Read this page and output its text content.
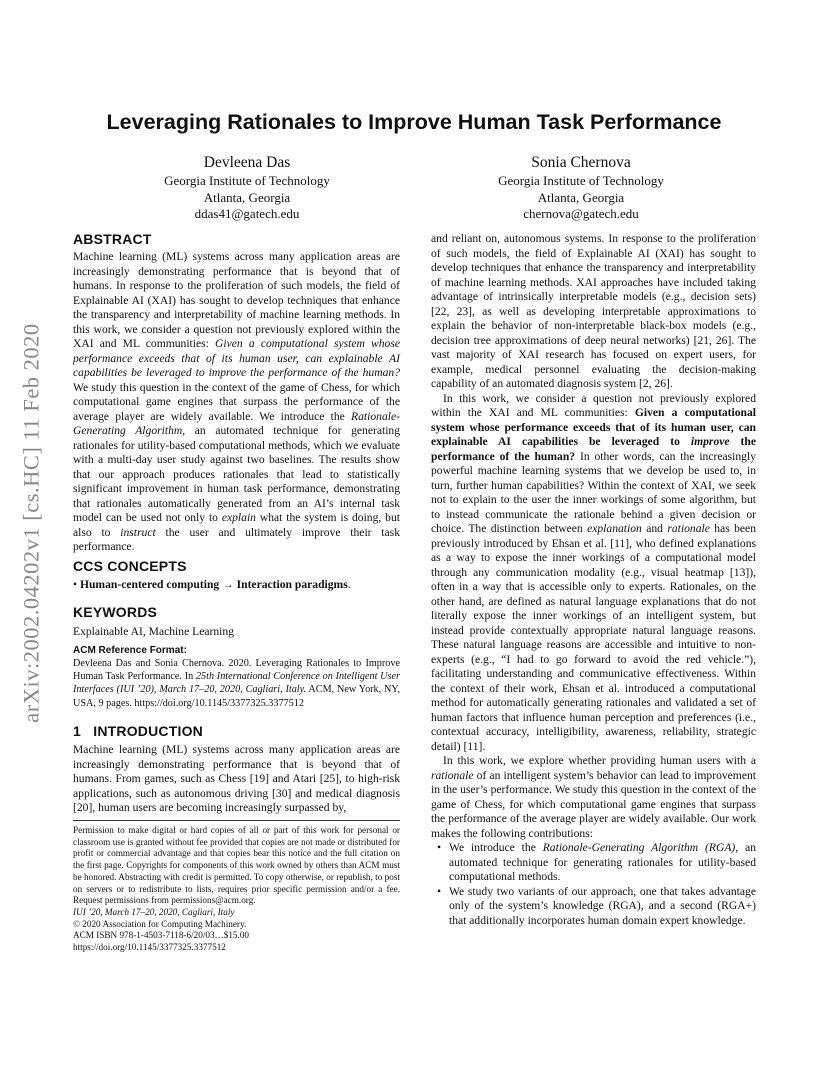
arXiv:2002.04202v1 [cs.HC] 11 Feb 2020
Leveraging Rationales to Improve Human Task Performance
Devleena Das
Georgia Institute of Technology
Atlanta, Georgia
ddas41@gatech.edu
Sonia Chernova
Georgia Institute of Technology
Atlanta, Georgia
chernova@gatech.edu
ABSTRACT

Machine learning (ML) systems across many application areas are increasingly demonstrating performance that is beyond that of humans. In response to the proliferation of such models, the field of Explainable AI (XAI) has sought to develop techniques that enhance the transparency and interpretability of machine learning methods. In this work, we consider a question not previously explored within the XAI and ML communities: Given a computational system whose performance exceeds that of its human user, can explainable AI capabilities be leveraged to improve the performance of the human? We study this question in the context of the game of Chess, for which computational game engines that surpass the performance of the average player are widely available. We introduce the Rationale-Generating Algorithm, an automated technique for generating rationales for utility-based computational methods, which we evaluate with a multi-day user study against two baselines. The results show that our approach produces rationales that lead to statistically significant improvement in human task performance, demonstrating that rationales automatically generated from an AI’s internal task model can be used not only to explain what the system is doing, but also to instruct the user and ultimately improve their task performance.

CCS CONCEPTS
• Human-centered computing → Interaction paradigms.
KEYWORDS
Explainable AI, Machine Learning
ACM Reference Format:

Devleena Das and Sonia Chernova. 2020. Leveraging Rationales to Improve Human Task Performance. In 25th International Conference on Intelligent User Interfaces (IUI ’20), March 17–20, 2020, Cagliari, Italy. ACM, New York, NY, USA, 9 pages. https://doi.org/10.1145/3377325.3377512

1   INTRODUCTION

Machine learning (ML) systems across many application areas are increasingly demonstrating performance that is beyond that of humans. From games, such as Chess [19] and Atari [25], to high-risk applications, such as autonomous driving [30] and medical diagnosis [20], human users are becoming increasingly surpassed by,

Permission to make digital or hard copies of all or part of this work for personal or classroom use is granted without fee provided that copies are not made or distributed for profit or commercial advantage and that copies bear this notice and the full citation on the first page. Copyrights for components of this work owned by others than ACM must be honored. Abstracting with credit is permitted. To copy otherwise, or republish, to post on servers or to redistribute to lists, requires prior specific permission and/or a fee. Request permissions from permissions@acm.org.

IUI ’20, March 17–20, 2020, Cagliari, Italy

© 2020 Association for Computing Machinery.

ACM ISBN 978-1-4503-7118-6/20/03…$15.00

https://doi.org/10.1145/3377325.3377512

and reliant on, autonomous systems. In response to the proliferation of such models, the field of Explainable AI (XAI) has sought to develop techniques that enhance the transparency and interpretability of machine learning methods. XAI approaches have included taking advantage of intrinsically interpretable models (e.g., decision sets) [22, 23], as well as developing interpretable approximations to explain the behavior of non-interpretable black-box models (e.g., decision tree approximations of deep neural networks) [21, 26]. The vast majority of XAI research has focused on expert users, for example, medical personnel evaluating the decision-making capability of an automated diagnosis system [2, 26].

In this work, we consider a question not previously explored within the XAI and ML communities: Given a computational system whose performance exceeds that of its human user, can explainable AI capabilities be leveraged to improve the performance of the human? In other words, can the increasingly powerful machine learning systems that we develop be used to, in turn, further human capabilities? Within the context of XAI, we seek not to explain to the user the inner workings of some algorithm, but to instead communicate the rationale behind a given decision or choice. The distinction between explanation and rationale has been previously introduced by Ehsan et al. [11], who defined explanations as a way to expose the inner workings of a computational model through any communication modality (e.g., visual heatmap [13]), often in a way that is accessible only to experts. Rationales, on the other hand, are defined as natural language explanations that do not literally expose the inner workings of an intelligent system, but instead provide contextually appropriate natural language reasons. These natural language reasons are accessible and intuitive to non-experts (e.g., “I had to go forward to avoid the red vehicle.”), facilitating understanding and communicative effectiveness. Within the context of their work, Ehsan et al. introduced a computational method for automatically generating rationales and validated a set of human factors that influence human perception and preferences (i.e., contextual accuracy, intelligibility, awareness, reliability, strategic detail) [11].

In this work, we explore whether providing human users with a rationale of an intelligent system’s behavior can lead to improvement in the user’s performance. We study this question in the context of the game of Chess, for which computational game engines that surpass the performance of the average player are widely available. Our work makes the following contributions:

• We introduce the Rationale-Generating Algorithm (RGA), an automated technique for generating rationales for utility-based computational methods.
• We study two variants of our approach, one that takes advantage only of the system’s knowledge (RGA), and a second (RGA+) that additionally incorporates human domain expert knowledge.
